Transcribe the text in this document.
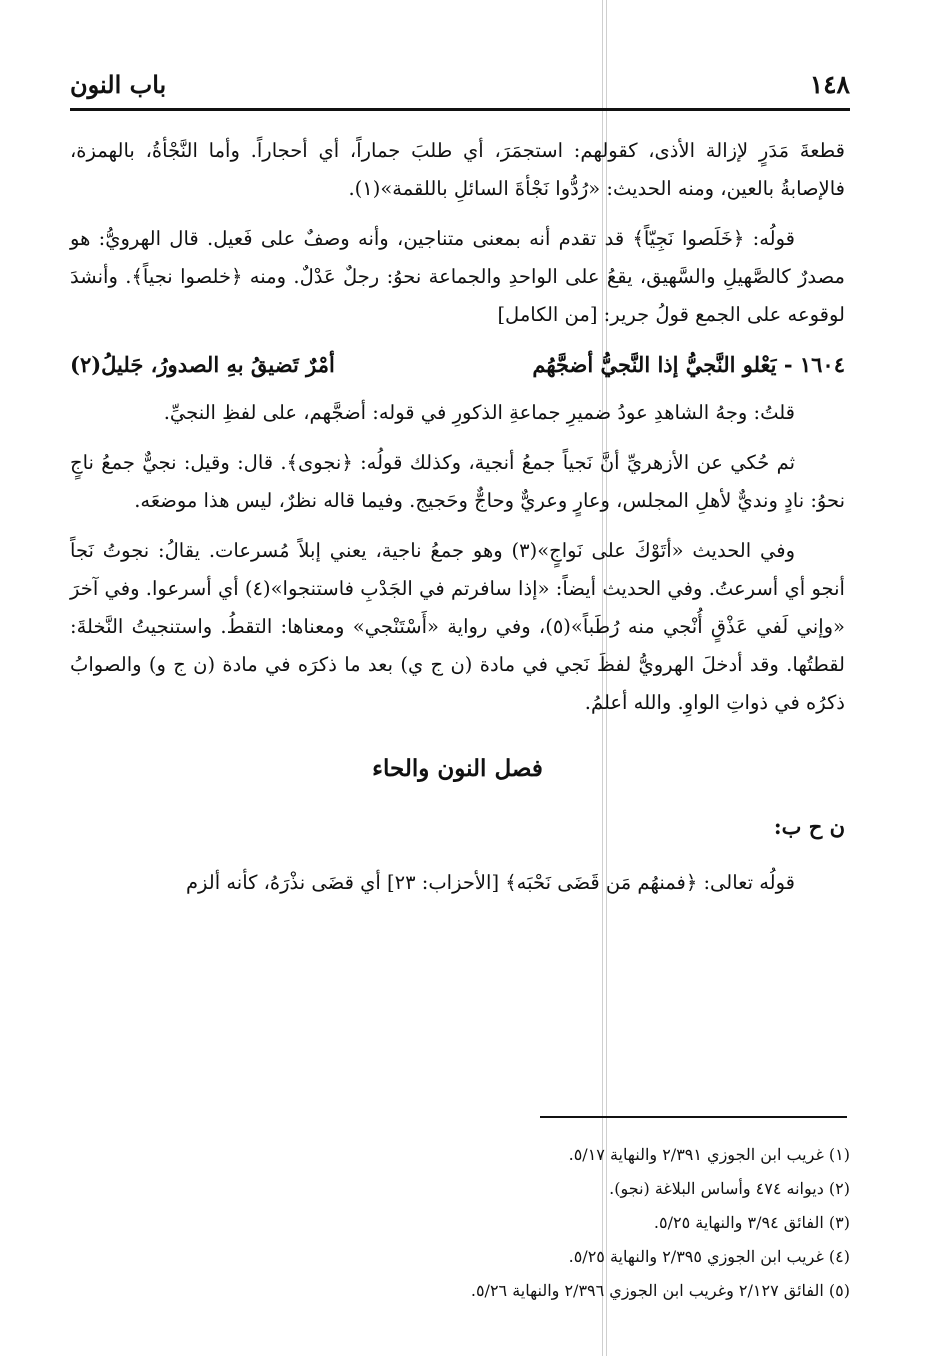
١٤٨
باب النون

قطعةَ مَدَرٍ لإزالة الأذى، كقولهم: استجمَرَ، أي طلبَ جماراً، أي أحجاراً. وأما النَّجْأةُ، بالهمزة، فالإصابةُ بالعين، ومنه الحديث: «رُدُّوا نَجْأةَ السائلِ باللقمة»(١).

قولُه: ﴿خَلَصوا نَجِيّاً﴾ قد تقدم أنه بمعنى متناجين، وأنه وصفٌ على فَعيل. قال الهرويُّ: هو مصدرٌ كالصَّهيلِ والسَّهيق، يقعُ على الواحدِ والجماعة نحوُ: رجلٌ عَدْلٌ. ومنه ﴿خلصوا نجياً﴾. وأنشدَ لوقوعه على الجمع قولُ جرير: [من الكامل]

١٦٠٤ - يَعْلو النَّجيُّ إذا النَّجيُّ أضجَّهُم
أمْرٌ تَضيقُ بهِ الصدورُ، جَليلُ(٢)

قلتُ: وجهُ الشاهدِ عودُ ضميرِ جماعةِ الذكورِ في قوله: أضجَّهم، على لفظِ النجيِّ.

ثم حُكي عن الأزهريِّ أنَّ نَجياً جمعُ أنجية، وكذلك قولُه: ﴿نجوى﴾. قال: وقيل: نجيٌّ جمعُ ناجٍ نحوُ: نادٍ ونديٌّ لأهلِ المجلس، وعارٍ وعريٌّ وحاجٌّ وحَجيج. وفيما قاله نظرٌ، ليس هذا موضعَه.

وفي الحديث «أتَوْكَ على نَواجٍ»(٣) وهو جمعُ ناجية، يعني إبلاً مُسرعات. يقالُ: نجوتُ نَجاً أنجو أي أسرعتُ. وفي الحديث أيضاً: «إذا سافرتم في الجَدْبِ فاستنجوا»(٤) أي أسرعوا. وفي آخرَ «وإني لَفي عَذْقٍ أُنْجي منه رُطَباً»(٥)، وفي رواية «أَسْتَنْجي» ومعناها: التقطُ. واستنجيتُ النَّخلةَ: لقطتُها. وقد أدخلَ الهرويُّ لفظَ نَجي في مادة (ن ج ي) بعد ما ذكرَه في مادة (ن ج و) والصوابُ ذكرُه في ذواتِ الواوِ. والله أعلمُ.

فصل النون والحاء
ن ح ب:

قولُه تعالى: ﴿فمنهُم مَن قَضَى نَحْبَه﴾ [الأحزاب: ٢٣] أي قضَى نذْرَهُ، كأنه ألزم

(١) غريب ابن الجوزي ٢/٣٩١ والنهاية ٥/١٧.

(٢) ديوانه ٤٧٤ وأساس البلاغة (نجو).

(٣) الفائق ٣/٩٤ والنهاية ٥/٢٥.

(٤) غريب ابن الجوزي ٢/٣٩٥ والنهاية ٥/٢٥.

(٥) الفائق ٢/١٢٧ وغريب ابن الجوزي ٢/٣٩٦ والنهاية ٥/٢٦.
